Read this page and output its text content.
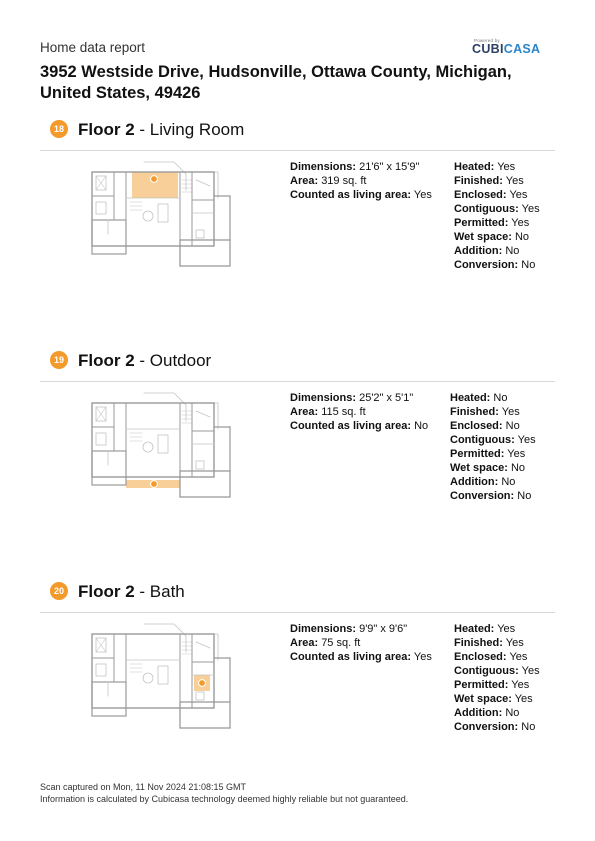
Home data report	Powered by
CUBICASA
3952 Westside Drive, Hudsonville, Ottawa County, Michigan, United States, 49426
18 Floor 2 - Living Room
Dimensions: 21'6" x 15'9"
Area: 319 sq. ft
Counted as living area: Yes
Heated: Yes
Finished: Yes
Enclosed: Yes
Contiguous: Yes
Permitted: Yes
Wet space: No
Addition: No
Conversion: No
19 Floor 2 - Outdoor
Dimensions: 25'2" x 5'1"
Area: 115 sq. ft
Counted as living area: No
Heated: No
Finished: Yes
Enclosed: No
Contiguous: Yes
Permitted: Yes
Wet space: No
Addition: No
Conversion: No
20 Floor 2 - Bath
Dimensions: 9'9" x 9'6"
Area: 75 sq. ft
Counted as living area: Yes
Heated: Yes
Finished: Yes
Enclosed: Yes
Contiguous: Yes
Permitted: Yes
Wet space: Yes
Addition: No
Conversion: No
Scan captured on Mon, 11 Nov 2024 21:08:15 GMT
Information is calculated by Cubicasa technology deemed highly reliable but not guaranteed.
